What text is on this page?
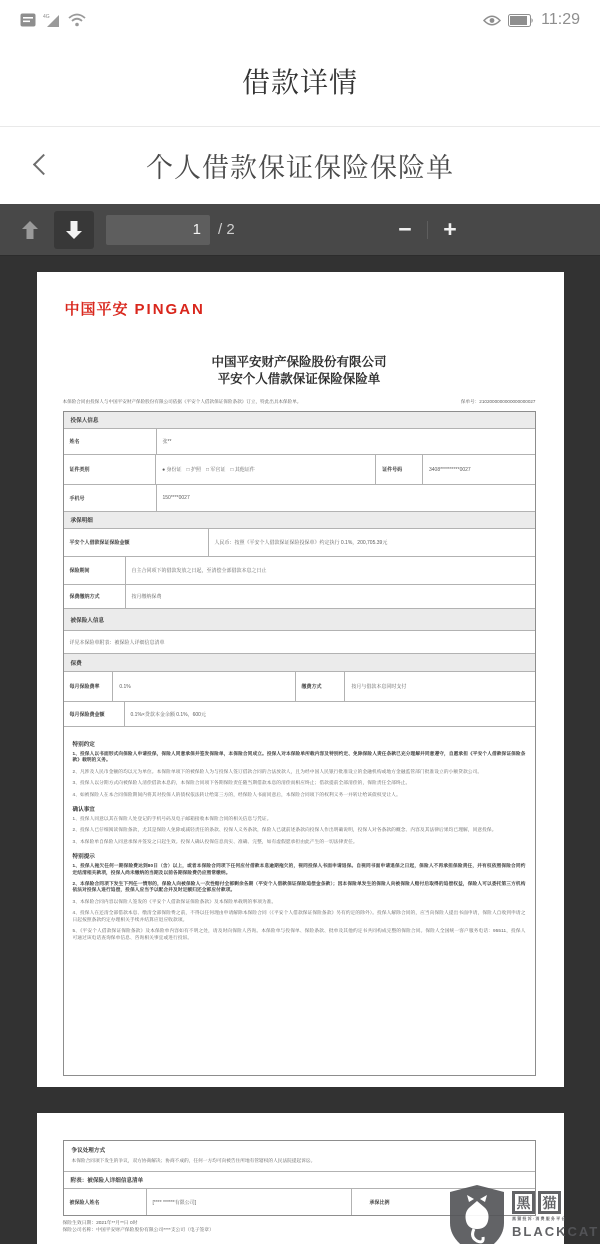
4G	11:29
借款详情
个人借款保证保险保险单
1
/ 2	−	+
中国平安 PINGAN
中国平安财产保险股份有限公司
平安个人借款保证保险保险单
本保险合同由投保人与中国平安财产保险股份有限公司依据《平安个人借款保证保险条款》订立，特此出具本保险单。	保单号：2102000000000000000027
投保人信息
姓名	张**
证件类别	● 身份证　□ 护照　□ 军官证　□ 其他证件	证件号码	3408**********0027
手机号	150****0027
承保明细
平安个人借款保证保险金额	人民币：按照《平安个人借款保证保险投保单》约定执行 0.1%，200,705.39元
保险期间	自主合同项下的借款发放之日起，至清偿全部借款本息之日止
保费缴纳方式	按月缴纳保费
被保险人信息
详见本保险单附表：被保险人详细信息清单
保费
每月保险费率	0.1%	缴费方式	按月与借款本息同时支付
每月保险费金额	0.1%×贷款本金余额 0.1%，600元
特别约定
1、投保人以书面形式向保险人申请投保，保险人同意承保并签发保险单，本保险合同成立。投保人对本保险单所载内容及特别约定、免除保险人责任条款已充分理解并同意遵守，自愿承担《平安个人借款保证保险条款》载明的义务。
2、凡涉及人民币金额的均以元为单位。本保险单项下的被保险人为与投保人签订借款合同的合法放款人，且为经中国人民银行批准设立的金融机构或地方金融监管部门批准设立的小额贷款公司。
3、投保人以分期方式向被保险人清偿借款本息的，本保险合同项下各期保险责任随当期借款本息的清偿而相应终止；借款提前全部清偿的，保险责任全部终止。
4、如被保险人在本合同保险期间内将其对投保人的债权依法转让给第三方的，经保险人书面同意后，本保险合同项下的权利义务一并转让给该债权受让人。
确认事宜
1、投保人同意以其在保险人处登记的手机号码及电子邮箱接收本保险合同的相关信息与凭证。
2、投保人已仔细阅读保险条款，尤其是保险人免除或减轻责任的条款、投保人义务条款，保险人已就前述条款向投保人作出明确说明，投保人对各条款的概念、内容及其法律后果均已理解，同意投保。
3、本保险单自保险人同意承保并签发之日起生效。投保人确认投保信息真实、准确、完整，如有虚假愿承担由此产生的一切法律责任。
特别提示
1、投保人拖欠任何一期保险费达到80日（含）以上，或者本保险合同项下任何应付借款本息逾期拖欠的，视同投保人书面申请退保。自视同书面申请退保之日起，保险人不再承担保险责任，并有权依照保险合同约定结清相关款项，投保人尚未缴纳的当期及以前各期保险费仍应照常缴纳。
2、本保险合同项下发生下列任一情形的，保险人向被保险人一次性赔付全部剩余各期（平安个人借款保证保险追偿金条款）；因本保险单发生的保险人向被保险人赔付后取得的追偿权益，保险人可以委托第三方机构依法对投保人进行追偿，投保人应当予以配合并及时足额归还全部应付款项。
3、本保险合同内容以保险人签发的《平安个人借款保证保险条款》及本保险单载明的事项为准。
4、投保人在还清全部借款本息、缴清全部保险费之前，不得以任何理由申请解除本保险合同（《平安个人借款保证保险条款》另有约定的除外）。投保人解除合同的，应当向保险人提出书面申请，保险人自收到申请之日起按照条款约定办理相关手续并结算应退应收款项。
5、《平安个人借款保证保险条款》及本保险单内容如有不明之处，请及时向保险人咨询。本保险单与投保单、保险条款、批单及其他约定书共同构成完整的保险合同。保险人全国统一客户服务电话：95511，投保人可通过该电话查询保单信息、咨询相关事宜或进行投诉。
争议处理方式
本保险合同项下发生的争议，双方协商解决；协商不成的，任何一方均可向被告住所地有管辖权的人民法院提起诉讼。
附表：被保险人详细信息清单
被保险人姓名	[**** ******有限公司]	承保比例
保险生效日期：2021年**月**日 0时
保险公司名称：中国平安财产保险股份有限公司****支公司（电子签章）
黑 猫
黑猫投诉·消费服务平台
BLACKCAT
